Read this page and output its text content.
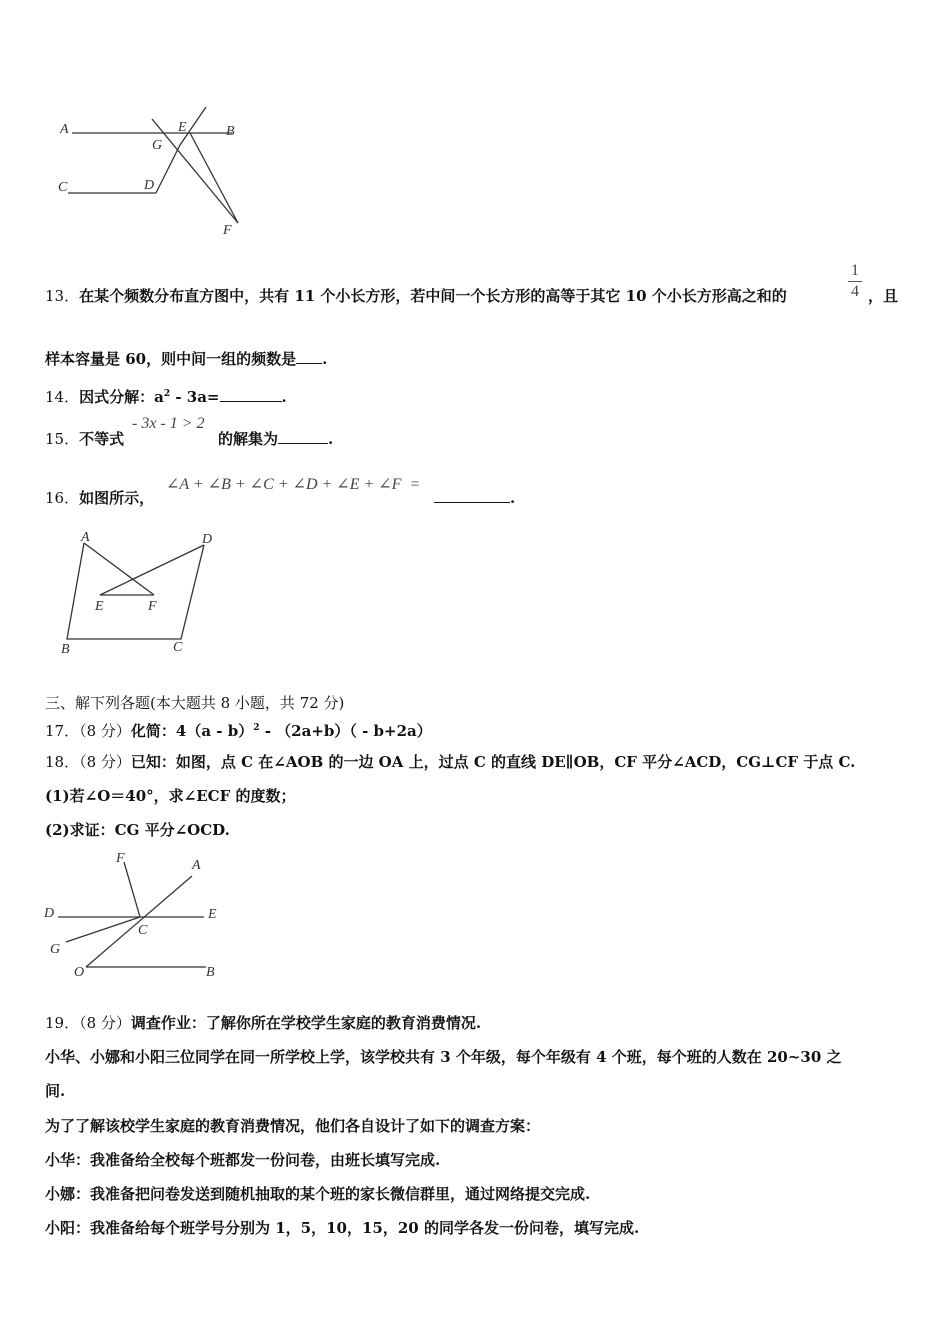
A	E	B
G
C	D
F
13．在某个频数分布直方图中，共有 11 个小长方形，若中间一个长方形的高等于其它 10 个小长方形高之和的
1
4 ，且
样本容量是 60，则中间一组的频数是 .
14．因式分解：$a^2 - 3a=$	.
15．不等式
- 3x - 1 > 2
的解集为	.
16．如图所示，
∠A + ∠B + ∠C + ∠D + ∠E + ∠F  =
.
A	D
E	F
B	C
三、解下列各题(本大题共 8 小题，共 72 分)
17．（8 分）化简：4（a - b）$^2$ - （2a+b）（ - b+2a）
18．（8 分）已知：如图，点 C 在∠AOB 的一边 OA 上，过点 C 的直线 DE∥OB，CF 平分∠ACD，CG⊥CF 于点 C.
(1)若∠O＝40°，求∠ECF 的度数；
(2)求证：CG 平分∠OCD.
F	A
D	E
C
G
O	B
19．（8 分）调查作业：了解你所在学校学生家庭的教育消费情况.
小华、小娜和小阳三位同学在同一所学校上学，该学校共有 3 个年级，每个年级有 4 个班，每个班的人数在 20~30 之
间.
为了了解该校学生家庭的教育消费情况，他们各自设计了如下的调查方案：
小华：我准备给全校每个班都发一份问卷，由班长填写完成.
小娜：我准备把问卷发送到随机抽取的某个班的家长微信群里，通过网络提交完成.
小阳：我准备给每个班学号分别为 1，5，10，15，20 的同学各发一份问卷，填写完成.
